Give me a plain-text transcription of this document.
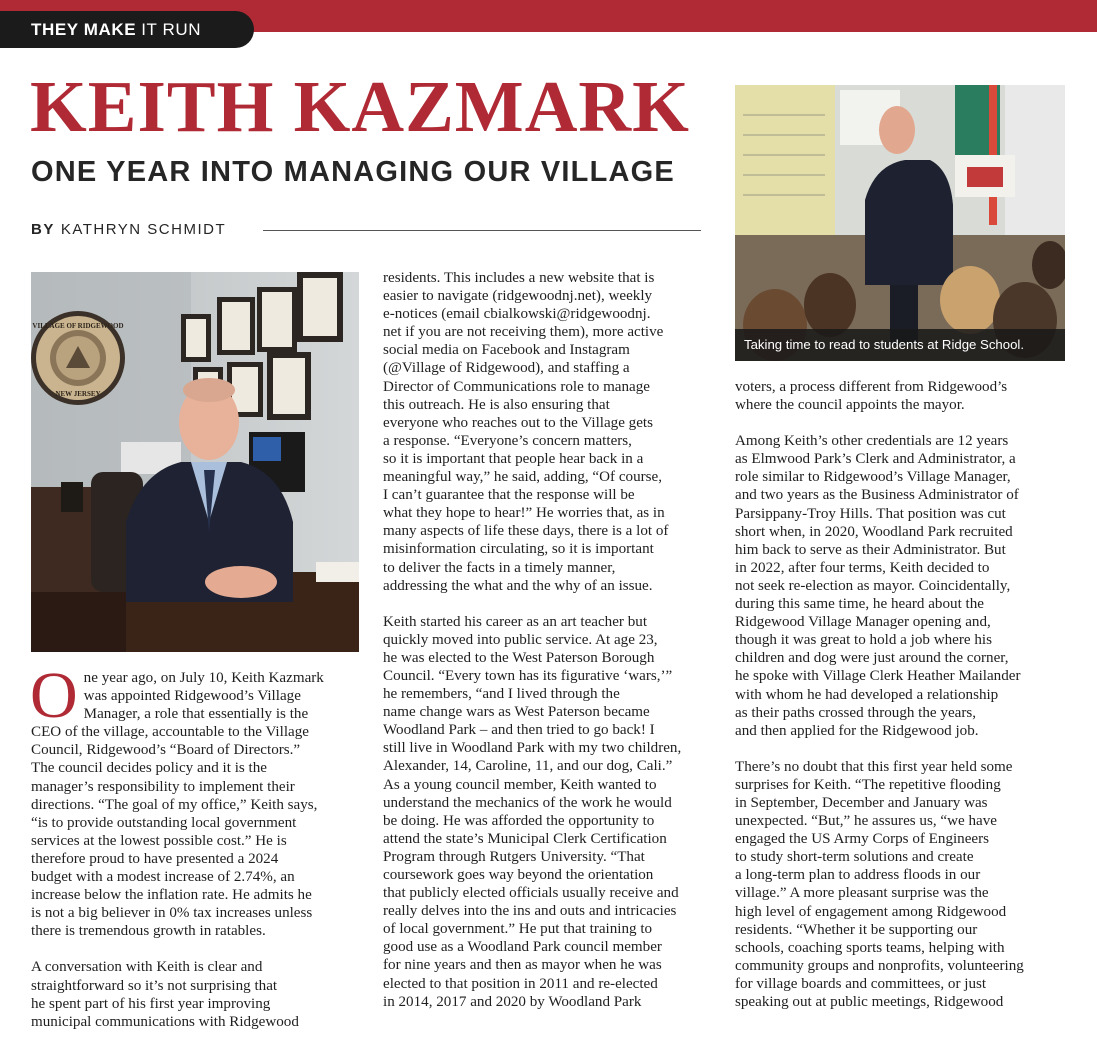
THEY MAKE IT RUN
KEITH KAZMARK
ONE YEAR INTO MANAGING OUR VILLAGE
BY KATHRYN SCHMIDT
VILLAGE OF RIDGEWOOD
NEW JERSEY
Taking time to read to students at Ridge School.

One year ago, on July 10, Keith Kazmark
was appointed Ridgewood’s Village
Manager, a role that essentially is the
CEO of the village, accountable to the Village
Council, Ridgewood’s “Board of Directors.”
The council decides policy and it is the
manager’s responsibility to implement their
directions. “The goal of my office,” Keith says,
“is to provide outstanding local government
services at the lowest possible cost.” He is
therefore proud to have presented a 2024
budget with a modest increase of 2.74%, an
increase below the inflation rate. He admits he
is not a big believer in 0% tax increases unless
there is tremendous growth in ratables.

A conversation with Keith is clear and
straightforward so it’s not surprising that
he spent part of his first year improving
municipal communications with Ridgewood

residents. This includes a new website that is
easier to navigate (ridgewoodnj.net), weekly
e-notices (email cbialkowski@ridgewoodnj.
net if you are not receiving them), more active
social media on Facebook and Instagram
(@Village of Ridgewood), and staffing a
Director of Communications role to manage
this outreach. He is also ensuring that
everyone who reaches out to the Village gets
a response. “Everyone’s concern matters,
so it is important that people hear back in a
meaningful way,” he said, adding, “Of course,
I can’t guarantee that the response will be
what they hope to hear!” He worries that, as in
many aspects of life these days, there is a lot of
misinformation circulating, so it is important
to deliver the facts in a timely manner,
addressing the what and the why of an issue.

Keith started his career as an art teacher but
quickly moved into public service. At age 23,
he was elected to the West Paterson Borough
Council. “Every town has its figurative ‘wars,’”
he remembers, “and I lived through the
name change wars as West Paterson became
Woodland Park – and then tried to go back! I
still live in Woodland Park with my two children,
Alexander, 14, Caroline, 11, and our dog, Cali.”
As a young council member, Keith wanted to
understand the mechanics of the work he would
be doing. He was afforded the opportunity to
attend the state’s Municipal Clerk Certification
Program through Rutgers University. “That
coursework goes way beyond the orientation
that publicly elected officials usually receive and
really delves into the ins and outs and intricacies
of local government.” He put that training to
good use as a Woodland Park council member
for nine years and then as mayor when he was
elected to that position in 2011 and re-elected
in 2014, 2017 and 2020 by Woodland Park

voters, a process different from Ridgewood’s
where the council appoints the mayor.

Among Keith’s other credentials are 12 years
as Elmwood Park’s Clerk and Administrator, a
role similar to Ridgewood’s Village Manager,
and two years as the Business Administrator of
Parsippany-Troy Hills. That position was cut
short when, in 2020, Woodland Park recruited
him back to serve as their Administrator. But
in 2022, after four terms, Keith decided to
not seek re-election as mayor. Coincidentally,
during this same time, he heard about the
Ridgewood Village Manager opening and,
though it was great to hold a job where his
children and dog were just around the corner,
he spoke with Village Clerk Heather Mailander
with whom he had developed a relationship
as their paths crossed through the years,
and then applied for the Ridgewood job.

There’s no doubt that this first year held some
surprises for Keith. “The repetitive flooding
in September, December and January was
unexpected. “But,” he assures us, “we have
engaged the US Army Corps of Engineers
to study short-term solutions and create
a long-term plan to address floods in our
village.” A more pleasant surprise was the
high level of engagement among Ridgewood
residents. “Whether it be supporting our
schools, coaching sports teams, helping with
community groups and nonprofits, volunteering
for village boards and committees, or just
speaking out at public meetings, Ridgewood
